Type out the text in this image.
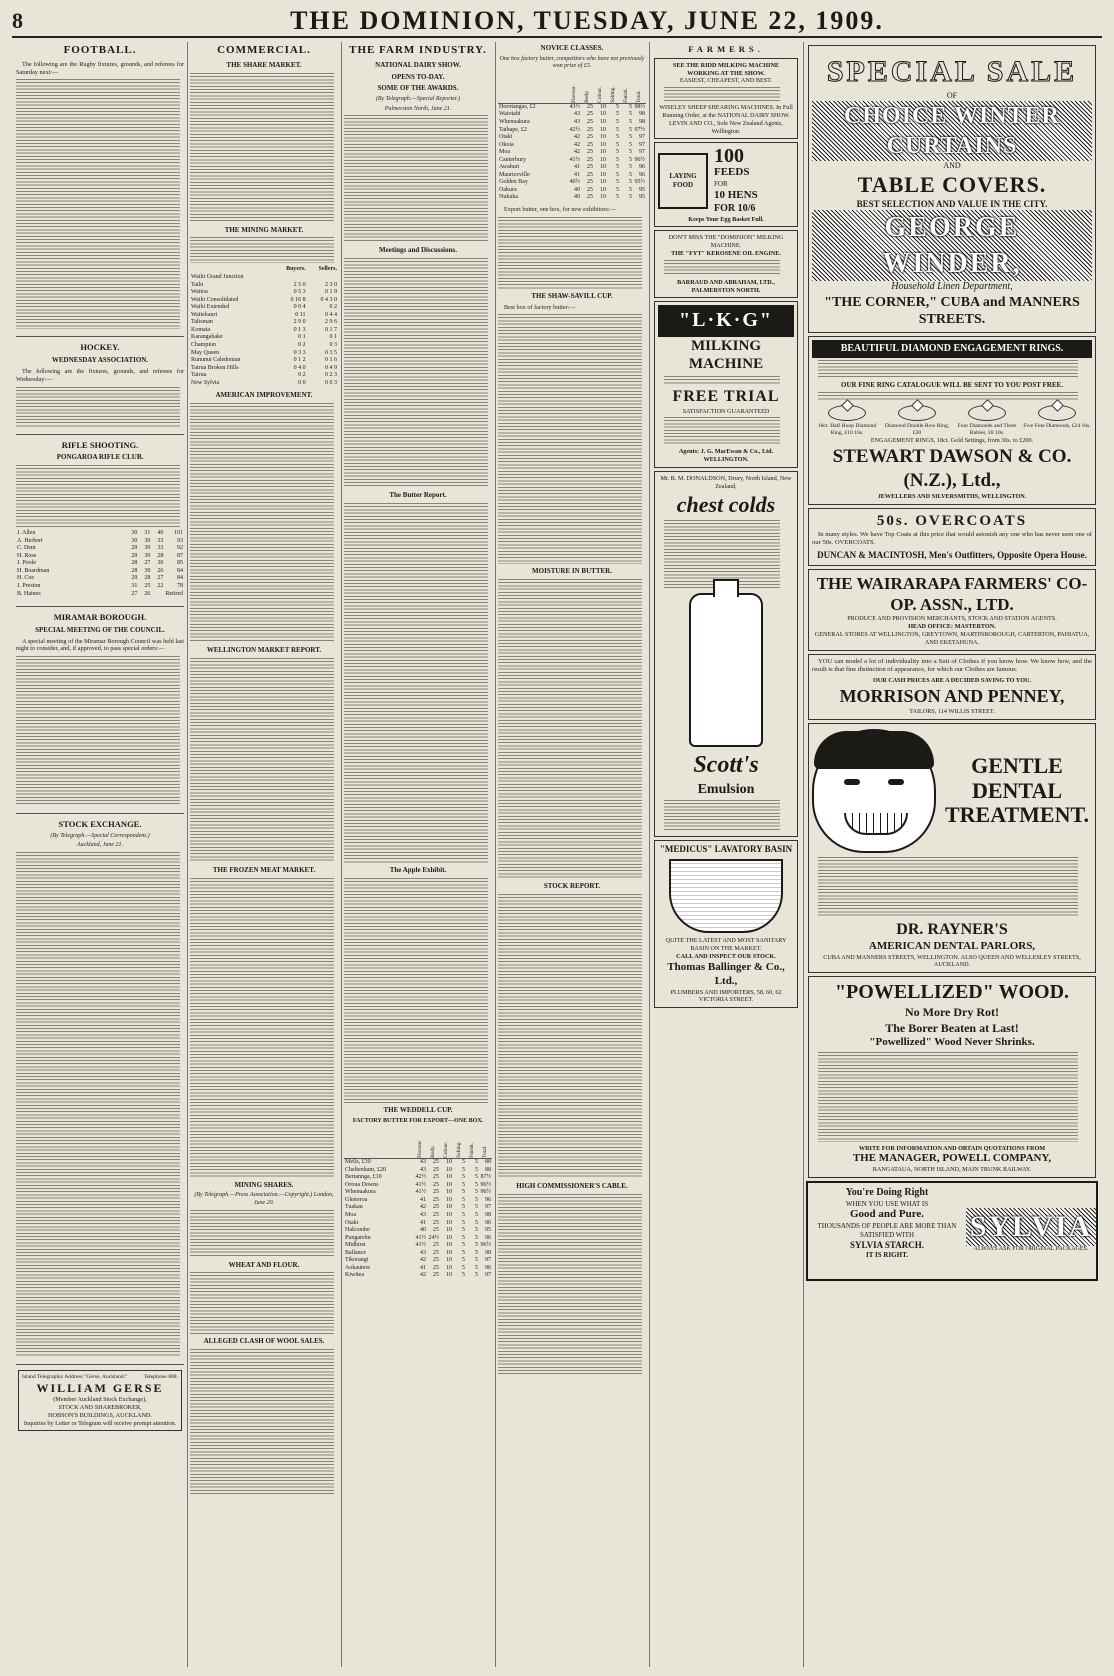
8	THE DOMINION, TUESDAY, JUNE 22, 1909.
FOOTBALL.

The following are the Rugby fixtures, grounds, and referees for Saturday next:—

HOCKEY.
WEDNESDAY ASSOCIATION.

The following are the fixtures, grounds, and referees for Wednesday:—

RIFLE SHOOTING.
PONGAROA RIFLE CLUB.
J. Allen	30	31	40	101
A. Herbert	30	30	33	93
C. Dent	29	30	33	92
H. Rose	29	30	28	87
J. Poole	28	27	30	85
H. Boardman	28	30	26	84
H. Coe	29	28	27	84
J. Preston	31	25	22	78
B. Haines	27	26		Retired
MIRAMAR BOROUGH.
SPECIAL MEETING OF THE COUNCIL.

A special meeting of the Miramar Borough Council was held last night to consider, and, if approved, to pass special orders:—

STOCK EXCHANGE.
(By Telegraph.—Special Correspondent.)
Auckland, June 21.
Island Telegraphic Address "Gerse, Auckland."	Telephone 808.
WILLIAM GERSE
(Member Auckland Stock Exchange),
STOCK AND SHAREBROKER,
HOBSON'S BUILDINGS, AUCKLAND.
Inquiries by Letter or Telegram will receive prompt attention.
COMMERCIAL.
THE SHARE MARKET.
THE MINING MARKET.
	Buyers.	Sellers.
Waihi Grand Junction		
Taihi	2 5 0	2 3 0
Waitoa	0 5 3	0 1 9
Waihi Consolidated	0 16 8	0 4 3 0
Waihi Extended	0 0 4	0 2
Waitekauri	0 11	0 4 4
Talisman	2 9 0	2 9 6
Komata	0 1 3	0 1 7
Karangahake	0 1	0 1
Champion	0 2	0 3
May Queen	0 3 3	0 3 5
Rununui Caledonian	0 1 2	0 1 6
Tairua Broken Hills	0 4 0	0 4 9
Tairua	0 2	0 2 3
New Sylvia	0 0	0 0 3
AMERICAN IMPROVEMENT.
WELLINGTON MARKET REPORT.
THE FROZEN MEAT MARKET.
MINING SHARES.
(By Telegraph.—Press Association.—Copyright.) London, June 20.
WHEAT AND FLOUR.
ALLEGED CLASH OF WOOL SALES.
THE FARM INDUSTRY.
NATIONAL DAIRY SHOW.
OPENS TO-DAY.
SOME OF THE AWARDS.
(By Telegraph.—Special Reporter.)
Palmerston North, June 21.
Meetings and Discussions.
The Butter Report.
The Apple Exhibit.
THE WEDDELL CUP.
FACTORY BUTTER FOR EXPORT—ONE BOX.
	Flavour.	Body.	Colour.	Salting.	Finish.	Total.
Mells, £30	43	25	10	5	5	88
Cheltenham, £20	43	25	10	5	5	88
Bertannga, £10	42½	25	10	5	5	87½
Oroua Downs	41½	25	10	5	5	96½
Whenuakura	41½	25	10	5	5	96½
Glenoroa	41	25	10	5	5	96
Tuakau	42	25	10	5	5	97
Moa	43	25	10	5	5	98
Otaki	41	25	10	5	5	96
Halcombe	40	25	10	5	5	95
Pungarehu	41½	24½	10	5	5	96
Midhirst	41½	25	10	5	5	96½
Ballance	43	25	10	5	5	98
Tikorangi	42	25	10	5	5	97
Aokautere	41	25	10	5	5	96
Kiwitea	42	25	10	5	5	97
NOVICE CLASSES.
One box factory butter, competitors who have not previously won prize of £5.
	Flavour.	Body.	Colour.	Salting.	Finish.	Total.
Horotangas, £2	43½	25	10	5	5	98½
Waiotahi	43	25	10	5	5	98
Whenuakura	43	25	10	5	5	98
Taihape, £2	42½	25	10	5	5	97½
Otaki	42	25	10	5	5	97
Okoia	42	25	10	5	5	97
Moa	42	25	10	5	5	97
Canterbury	41½	25	10	5	5	96½
Awahuri	41	25	10	5	5	96
Mauriceville	41	25	10	5	5	96
Golden Bay	40½	25	10	5	5	95½
Oakura	40	25	10	5	5	95
Nukuka	40	25	10	5	5	95

Export butter, one box, for new exhibitors:—

THE SHAW-SAVILL CUP.

Best box of factory butter:—

MOISTURE IN BUTTER.
STOCK REPORT.
HIGH COMMISSIONER'S CABLE.
FARMERS.
SEE THE RIDD MILKING MACHINE WORKING AT THE SHOW.
EASIEST, CHEAPEST, AND BEST.
WISELEY SHEEP SHEARING MACHINES. In Full Running Order, at the NATIONAL DAIRY SHOW.
LEVIN AND CO., Sole New Zealand Agents, Wellington.
LAYING FOOD
100
FEEDS
FOR
10 HENS
FOR 10/6
Keeps Your Egg Basket Full.
DON'T MISS THE "DOMINION" MILKING MACHINE.
THE "FYT" KEROSENE OIL ENGINE.
BARRAUD AND ABRAHAM, LTD., PALMERSTON NORTH.
"L·K·G"
MILKING MACHINE
FREE TRIAL
SATISFACTION GUARANTEED
Agents: J. G. MacEwan & Co., Ltd. WELLINGTON.
Mr. R. M. DONALDSON, Drury, North Island, New Zealand,
chest colds
Scott's
Emulsion
"MEDICUS" LAVATORY BASIN
QUITE THE LATEST AND MOST SANITARY BASIN ON THE MARKET.
CALL AND INSPECT OUR STOCK.
Thomas Ballinger & Co., Ltd.,
PLUMBERS AND IMPORTERS, 58, 60, 62 VICTORIA STREET.
SPECIAL SALE
OF
CHOICE WINTER CURTAINS
AND
TABLE COVERS.
BEST SELECTION AND VALUE IN THE CITY.
GEORGE WINDER,
Household Linen Department,
"THE CORNER," CUBA and MANNERS STREETS.
BEAUTIFUL DIAMOND ENGAGEMENT RINGS.
OUR FINE RING CATALOGUE WILL BE SENT TO YOU POST FREE.
18ct. Half Hoop Diamond Ring, £10 10s.
Diamond Double Row Ring, £20
Four Diamonds and Three Rubies, £8 10s.
Five Fine Diamonds, £24 10s.
ENGAGEMENT RINGS, 18ct. Gold Settings, from 30s. to £200.
STEWART DAWSON & CO. (N.Z.), Ltd.,
JEWELLERS AND SILVERSMITHS, WELLINGTON.
50s. OVERCOATS

In many styles. We have Top Coats at this price that would astonish any one who has never seen one of our 50s. OVERCOATS.

DUNCAN & MACINTOSH, Men's Outfitters, Opposite Opera House.
THE WAIRARAPA FARMERS' CO-OP. ASSN., LTD.
PRODUCE AND PROVISION MERCHANTS, STOCK AND STATION AGENTS.
HEAD OFFICE: MASTERTON.
GENERAL STORES AT WELLINGTON, GREYTOWN, MARTINBOROUGH, CARTERTON, PAHIATUA, AND EKETAHUNA.

YOU can model a lot of individuality into a Suit of Clothes if you know how. We know how, and the result is that fine distinction of appearance, for which our Clothes are famous.

OUR CASH PRICES ARE A DECIDED SAVING TO YOU.
MORRISON AND PENNEY,
TAILORS, 114 WILLIS STREET.
GENTLE DENTAL TREATMENT.
DR. RAYNER'S
AMERICAN DENTAL PARLORS,
CUBA AND MANNERS STREETS, WELLINGTON. ALSO QUEEN AND WELLESLEY STREETS, AUCKLAND.
"POWELLIZED" WOOD.
No More Dry Rot!
The Borer Beaten at Last!
"Powellized" Wood Never Shrinks.
WRITE FOR INFORMATION AND OBTAIN QUOTATIONS FROM
THE MANAGER, POWELL COMPANY,
RANGATAUA, NORTH ISLAND, MAIN TRUNK RAILWAY.
You're Doing Right
WHEN YOU USE WHAT IS
Good and Pure.
THOUSANDS OF PEOPLE ARE MORE THAN SATISFIED WITH
SYLVIA STARCH.
IT IS RIGHT.
SYLVIA
ALWAYS ASK FOR ORIGINAL PACKAGES.
